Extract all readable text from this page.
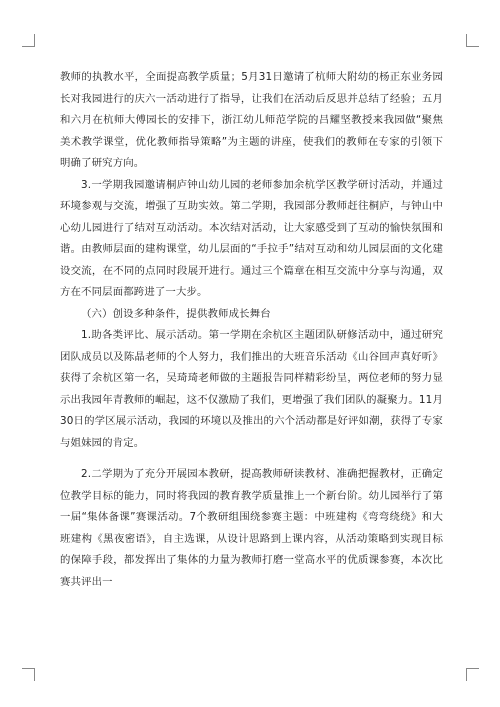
教师的执教水平，全面提高教学质量；5月31日邀请了杭师大附幼的杨正东业务园长对我园进行的庆六一活动进行了指导，让我们在活动后反思并总结了经验；五月和六月在杭师大傅园长的安排下，浙江幼儿师范学院的吕耀坚教授来我园做“聚焦美术教学课堂，优化教师指导策略”为主题的讲座，使我们的教师在专家的引领下明确了研究方向。

3.一学期我园邀请桐庐钟山幼儿园的老师参加余杭学区教学研讨活动，并通过环境参观与交流，增强了互助实效。第二学期，我园部分教师赶往桐庐，与钟山中心幼儿园进行了结对互动活动。本次结对活动，让大家感受到了互动的愉快氛围和谐。由教师层面的建构课堂，幼儿层面的“手拉手”结对互动和幼儿园层面的文化建设交流，在不同的点同时段展开进行。通过三个篇章在相互交流中分享与沟通，双方在不同层面都跨进了一大步。

（六）创设多种条件，提供教师成长舞台

1.助各类评比、展示活动。第一学期在余杭区主题团队研修活动中，通过研究团队成员以及陈晶老师的个人努力，我们推出的大班音乐活动《山谷回声真好听》获得了余杭区第一名，吴琦琦老师做的主题报告同样精彩纷呈，两位老师的努力显示出我园年青教师的崛起，这不仅激励了我们，更增强了我们团队的凝聚力。11月30日的学区展示活动，我园的环境以及推出的六个活动都是好评如潮，获得了专家与姐妹园的肯定。

2.二学期为了充分开展园本教研，提高教师研读教材、准确把握教材，正确定位教学目标的能力，同时将我园的教育教学质量推上一个新台阶。幼儿园举行了第一届“集体备课”赛课活动。7个教研组围绕参赛主题：中班建构《弯弯绕绕》和大班建构《黑夜密语》，自主选课，从设计思路到上课内容，从活动策略到实现目标的保障手段，都发挥出了集体的力量为教师打磨一堂高水平的优质课参赛，本次比赛共评出一
